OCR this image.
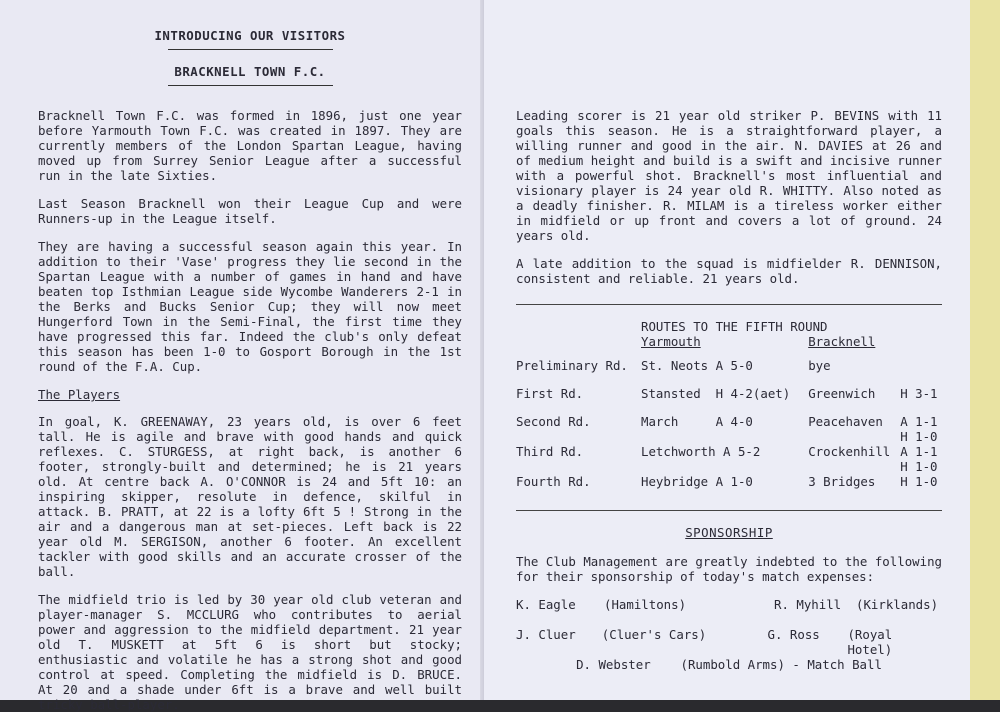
INTRODUCING OUR VISITORS
BRACKNELL TOWN F.C.

Bracknell Town F.C. was formed in 1896, just one year before Yarmouth Town F.C. was created in 1897. They are currently members of the London Spartan League, having moved up from Surrey Senior League after a successful run in the late Sixties.

Last Season Bracknell won their League Cup and were Runners-up in the League itself.

They are having a successful season again this year. In addition to their 'Vase' progress they lie second in the Spartan League with a number of games in hand and have beaten top Isthmian League side Wycombe Wanderers 2-1 in the Berks and Bucks Senior Cup; they will now meet Hungerford Town in the Semi-Final, the first time they have progressed this far. Indeed the club's only defeat this season has been 1-0 to Gosport Borough in the 1st round of the F.A. Cup.

The Players

In goal, K. GREENAWAY, 23 years old, is over 6 feet tall. He is agile and brave with good hands and quick reflexes. C. STURGESS, at right back, is another 6 footer, strongly-built and determined; he is 21 years old. At centre back A. O'CONNOR is 24 and 5ft 10: an inspiring skipper, resolute in defence, skilful in attack. B. PRATT, at 22 is a lofty 6ft 5 ! Strong in the air and a dangerous man at set-pieces. Left back is 22 year old M. SERGISON, another 6 footer. An excellent tackler with good skills and an accurate crosser of the ball.

The midfield trio is led by 30 year old club veteran and player-manager S. MCCLURG who contributes to aerial power and aggression to the midfield department. 21 year old T. MUSKETT at 5ft 6 is short but stocky; enthusiastic and volatile he has a strong shot and good control at speed. Completing the midfield is D. BRUCE. At 20 and a shade under 6ft is a brave and well built tricky ball-player.

Leading scorer is 21 year old striker P. BEVINS with 11 goals this season. He is a straightforward player, a willing runner and good in the air. N. DAVIES at 26 and of medium height and build is a swift and incisive runner with a powerful shot. Bracknell's most influential and visionary player is 24 year old R. WHITTY. Also noted as a deadly finisher. R. MILAM is a tireless worker either in midfield or up front and covers a lot of ground. 24 years old.

A late addition to the squad is midfielder R. DENNISON, consistent and reliable. 21 years old.

	ROUTES TO THE FIFTH ROUND		
	Yarmouth	Bracknell	
Preliminary Rd.	St. Neots A 5-0	bye	
First Rd.	Stansted  H 4-2(aet)	Greenwich	H 3-1
Second Rd.	March     A 4-0	Peacehaven	A 1-1
H 1-0

Third Rd.	Letchworth A 5-2	Crockenhill	A 1-1
H 1-0

Fourth Rd.	Heybridge A 1-0	3 Bridges	H 1-0
SPONSORSHIP

The Club Management are greatly indebted to the following for their sponsorship of today's match expenses:

K. Eagle	(Hamiltons)	R. Myhill	(Kirklands)
J. Cluer	(Cluer's Cars)	G. Ross	(Royal Hotel)
D. Webster    (Rumbold Arms) - Match Ball
